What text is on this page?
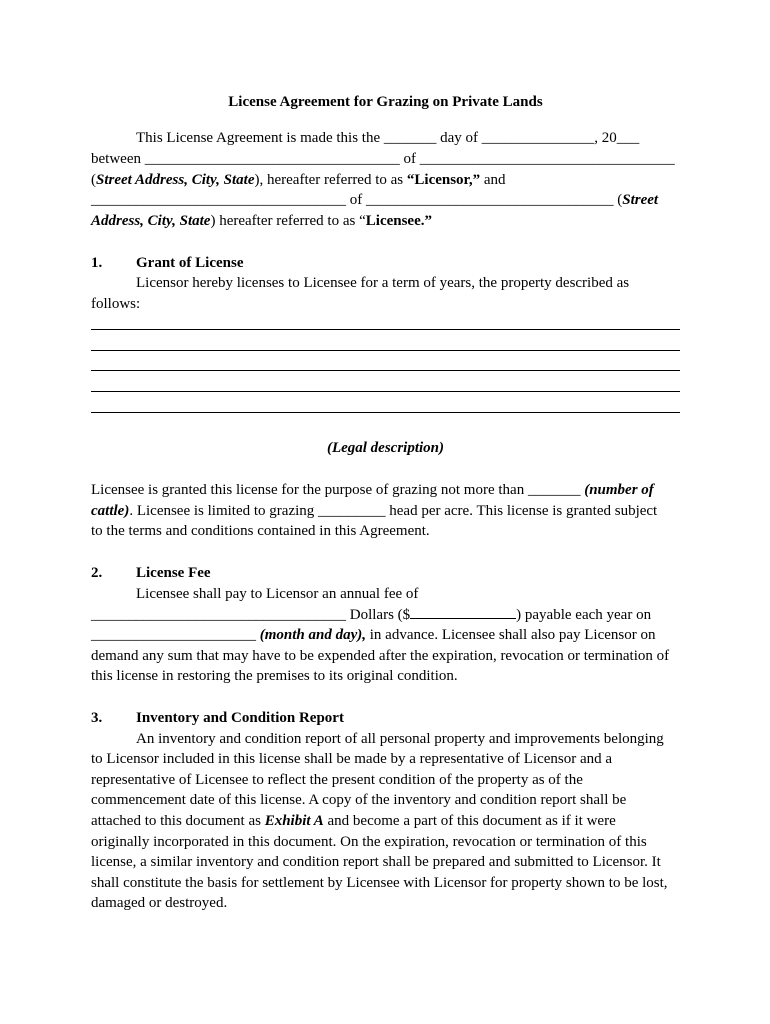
License Agreement for Grazing on Private Lands
This License Agreement is made this the _______ day of _______________, 20___
between __________________________________ of __________________________________
(Street Address, City, State), hereafter referred to as “Licensor,” and
__________________________________ of _________________________________ (Street
Address, City, State) hereafter referred to as “Licensee.”
1. Grant of License
Licensor hereby licenses to Licensee for a term of years, the property described as
follows:
(Legal description)
Licensee is granted this license for the purpose of grazing not more than _______ (number of
cattle). Licensee is limited to grazing _________ head per acre. This license is granted subject
to the terms and conditions contained in this Agreement.
2. License Fee
Licensee shall pay to Licensor an annual fee of
__________________________________ Dollars ($	) payable each year on
______________________ (month and day), in advance. Licensee shall also pay Licensor on
demand any sum that may have to be expended after the expiration, revocation or termination of
this license in restoring the premises to its original condition.
3. Inventory and Condition Report
An inventory and condition report of all personal property and improvements belonging
to Licensor included in this license shall be made by a representative of Licensor and a
representative of Licensee to reflect the present condition of the property as of the
commencement date of this license. A copy of the inventory and condition report shall be
attached to this document as Exhibit A and become a part of this document as if it were
originally incorporated in this document. On the expiration, revocation or termination of this
license, a similar inventory and condition report shall be prepared and submitted to Licensor. It
shall constitute the basis for settlement by Licensee with Licensor for property shown to be lost,
damaged or destroyed.
